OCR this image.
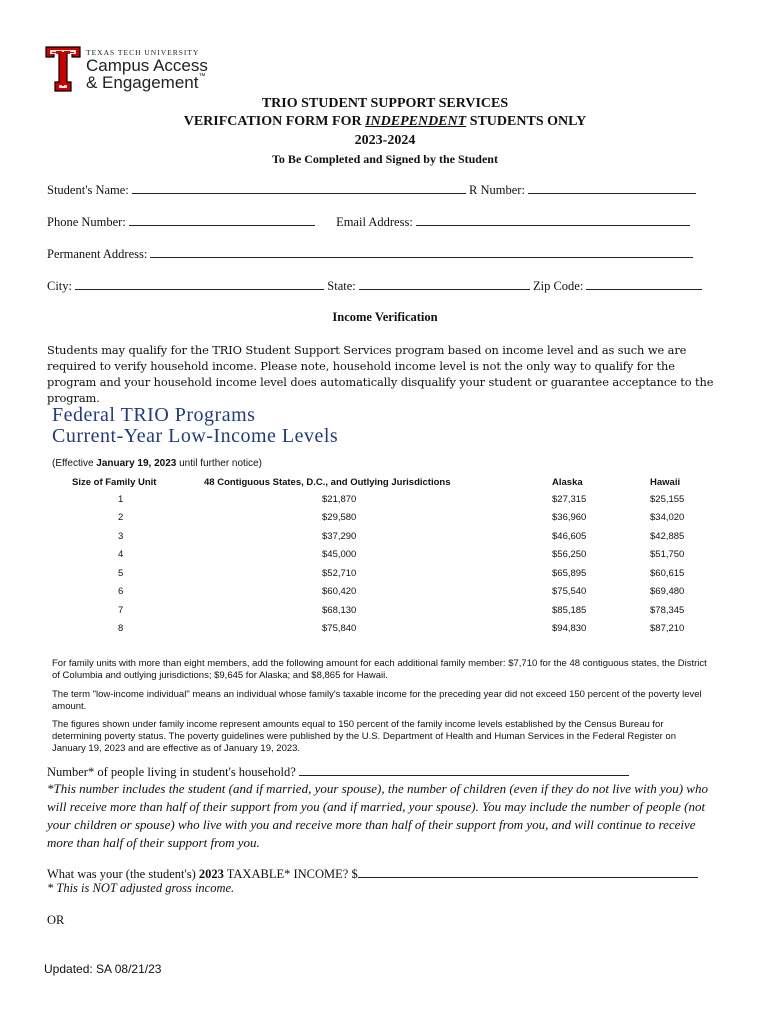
TEXAS TECH UNIVERSITY
Campus Access
& Engagement™
TRIO STUDENT SUPPORT SERVICES
VERIFCATION FORM FOR INDEPENDENT STUDENTS ONLY
2023-2024
To Be Completed and Signed by the Student
Student's Name:	R Number:
Phone Number:	Email Address:
Permanent Address:
City:	State:	Zip Code:
Income Verification
Students may qualify for the TRIO Student Support Services program based on income level and as such we are required to verify household income. Please note, household income level is not the only way to qualify for the program and your household income level does automatically disqualify your student or guarantee acceptance to the program.
Federal TRIO Programs
Current-Year Low-Income Levels
(Effective January 19, 2023 until further notice)
Size of Family Unit	48 Contiguous States, D.C., and Outlying Jurisdictions	Alaska	Hawaii
1	$21,870	$27,315	$25,155
2	$29,580	$36,960	$34,020
3	$37,290	$46,605	$42,885
4	$45,000	$56,250	$51,750
5	$52,710	$65,895	$60,615
6	$60,420	$75,540	$69,480
7	$68,130	$85,185	$78,345
8	$75,840	$94,830	$87,210
For family units with more than eight members, add the following amount for each additional family member: $7,710 for the 48 contiguous states, the District of Columbia and outlying jurisdictions; $9,645 for Alaska; and $8,865 for Hawaii.
The term "low-income individual" means an individual whose family's taxable income for the preceding year did not exceed 150 percent of the poverty level amount.
The figures shown under family income represent amounts equal to 150 percent of the family income levels established by the Census Bureau for determining poverty status. The poverty guidelines were published by the U.S. Department of Health and Human Services in the Federal Register on January 19, 2023 and are effective as of January 19, 2023.
Number* of people living in student's household?
*This number includes the student (and if married, your spouse), the number of children (even if they do not live with you) who will receive more than half of their support from you (and if married, your spouse). You may include the number of people (not your children or spouse) who live with you and receive more than half of their support from you, and will continue to receive more than half of their support from you.
What was your (the student's) 2023 TAXABLE* INCOME? $
* This is NOT adjusted gross income.
OR
Updated: SA 08/21/23
